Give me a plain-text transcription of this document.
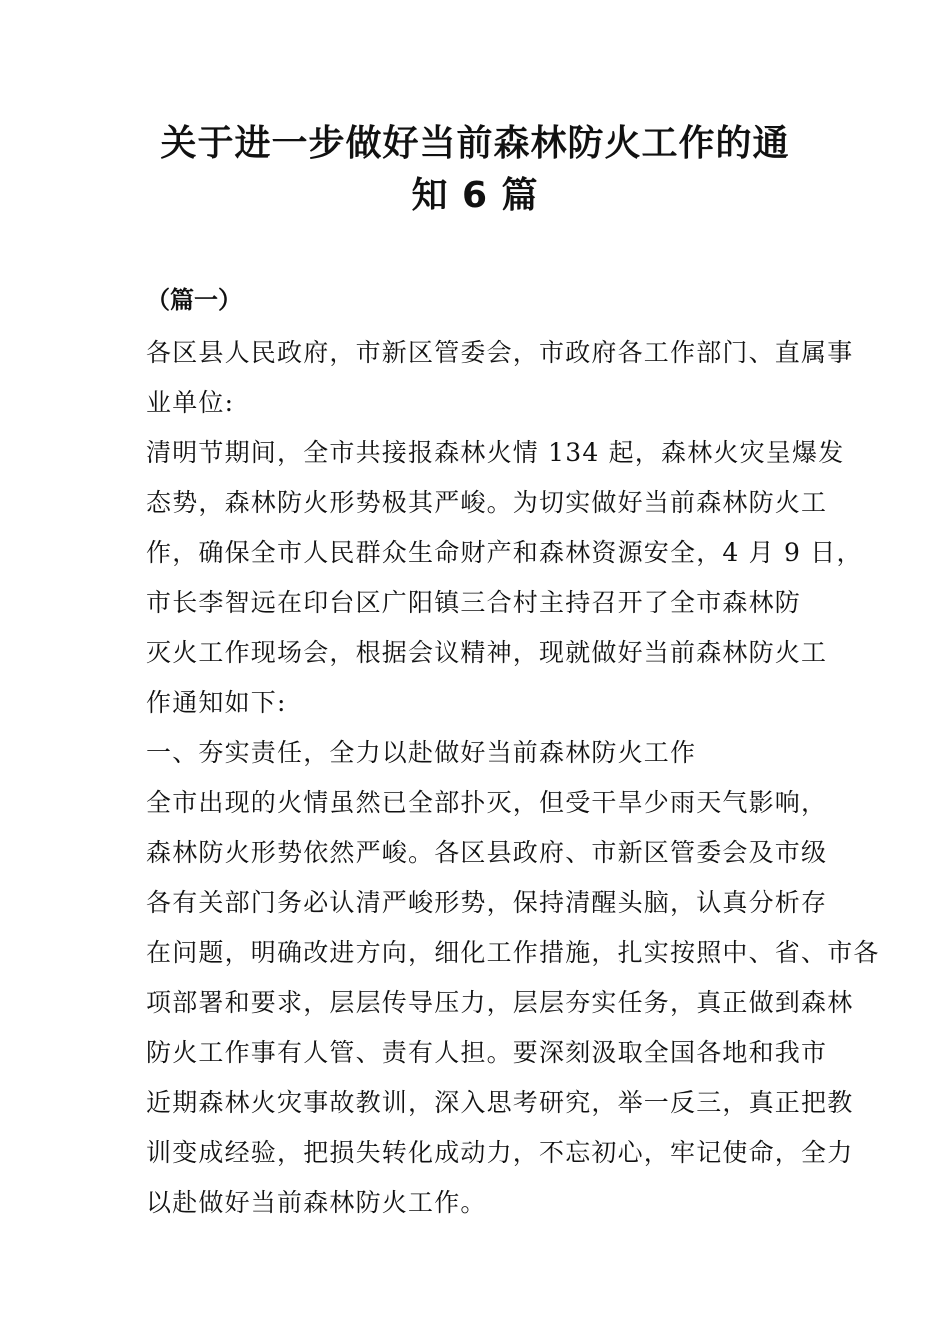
关于进一步做好当前森林防火工作的通
知 6 篇
（篇一）
各区县人民政府，市新区管委会，市政府各工作部门、直属事
业单位:
清明节期间，全市共接报森林火情 134 起，森林火灾呈爆发
态势，森林防火形势极其严峻。为切实做好当前森林防火工
作，确保全市人民群众生命财产和森林资源安全，4 月 9 日，
市长李智远在印台区广阳镇三合村主持召开了全市森林防
灭火工作现场会，根据会议精神，现就做好当前森林防火工
作通知如下:
一、夯实责任，全力以赴做好当前森林防火工作
全市出现的火情虽然已全部扑灭，但受干旱少雨天气影响，
森林防火形势依然严峻。各区县政府、市新区管委会及市级
各有关部门务必认清严峻形势，保持清醒头脑，认真分析存
在问题，明确改进方向，细化工作措施，扎实按照中、省、市各
项部署和要求，层层传导压力，层层夯实任务，真正做到森林
防火工作事有人管、责有人担。要深刻汲取全国各地和我市
近期森林火灾事故教训，深入思考研究，举一反三，真正把教
训变成经验，把损失转化成动力，不忘初心，牢记使命，全力
以赴做好当前森林防火工作。
